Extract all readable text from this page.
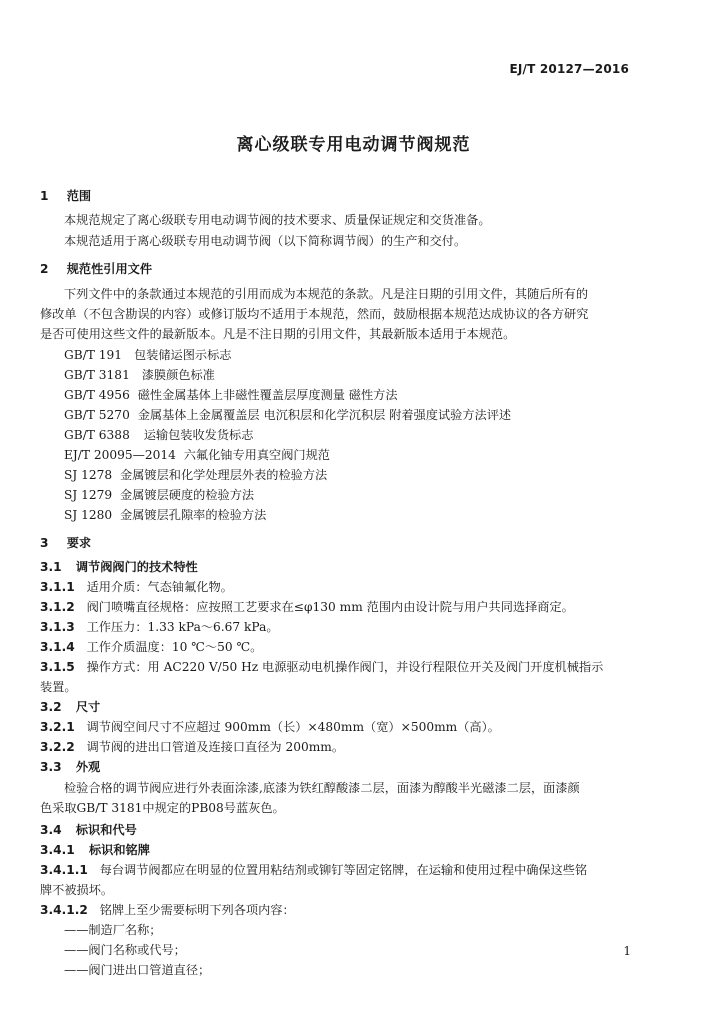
EJ/T 20127—2016
离心级联专用电动调节阀规范
1 范围
本规范规定了离心级联专用电动调节阀的技术要求、质量保证规定和交货准备。
本规范适用于离心级联专用电动调节阀（以下简称调节阀）的生产和交付。
2 规范性引用文件
下列文件中的条款通过本规范的引用而成为本规范的条款。凡是注日期的引用文件，其随后所有的
修改单（不包含勘误的内容）或修订版均不适用于本规范，然而，鼓励根据本规范达成协议的各方研究
是否可使用这些文件的最新版本。凡是不注日期的引用文件，其最新版本适用于本规范。
GB/T 191 包装储运图示标志
GB/T 3181 漆膜颜色标准
GB/T 4956 磁性金属基体上非磁性覆盖层厚度测量 磁性方法
GB/T 5270 金属基体上金属覆盖层 电沉积层和化学沉积层 附着强度试验方法评述
GB/T 6388 运输包装收发货标志
EJ/T 20095—2014 六氟化铀专用真空阀门规范
SJ 1278 金属镀层和化学处理层外表的检验方法
SJ 1279 金属镀层硬度的检验方法
SJ 1280 金属镀层孔隙率的检验方法
3 要求
3.1 调节阀阀门的技术特性
3.1.1 适用介质：气态铀氟化物。
3.1.2 阀门喷嘴直径规格：应按照工艺要求在≤φ130 mm 范围内由设计院与用户共同选择商定。
3.1.3 工作压力：1.33 kPa～6.67 kPa。
3.1.4 工作介质温度：10 ℃～50 ℃。
3.1.5 操作方式：用 AC220 V/50 Hz 电源驱动电机操作阀门，并设行程限位开关及阀门开度机械指示
装置。
3.2 尺寸
3.2.1 调节阀空间尺寸不应超过 900mm（长）×480mm（宽）×500mm（高）。
3.2.2 调节阀的进出口管道及连接口直径为 200mm。
3.3 外观
检验合格的调节阀应进行外表面涂漆,底漆为铁红醇酸漆二层，面漆为醇酸半光磁漆二层，面漆颜
色采取GB/T 3181中规定的PB08号蓝灰色。
3.4 标识和代号
3.4.1 标识和铭牌
3.4.1.1 每台调节阀都应在明显的位置用粘结剂或铆钉等固定铭牌，在运输和使用过程中确保这些铭
牌不被损坏。
3.4.1.2 铭牌上至少需要标明下列各项内容：
——制造厂名称；
——阀门名称或代号；
——阀门进出口管道直径；
1
